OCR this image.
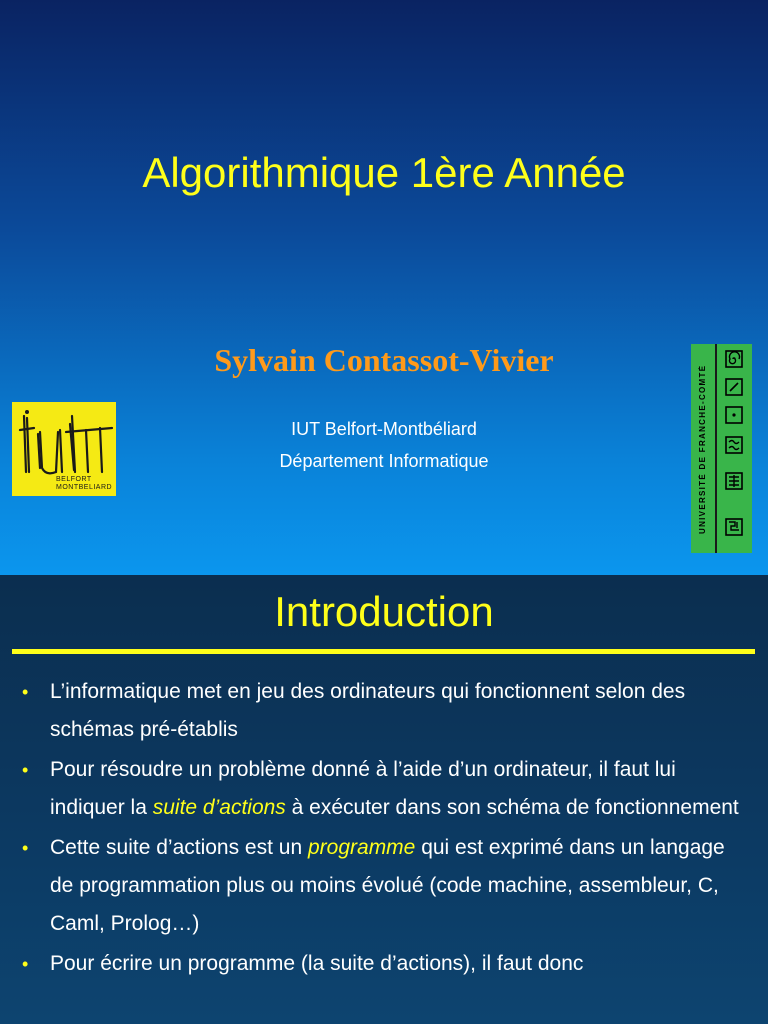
Algorithmique 1ère Année
Sylvain Contassot-Vivier
IUT Belfort-Montbéliard
Département Informatique
BELFORT
MONTBELIARD	UNIVERSITÉ DE FRANCHE-COMTÉ
Introduction
• L’informatique met en jeu des ordinateurs qui fonctionnent selon des schémas pré-établis
• Pour résoudre un problème donné à l’aide d’un ordinateur, il faut lui indiquer la suite d’actions à exécuter dans son schéma de fonctionnement
• Cette suite d’actions est un programme qui est exprimé dans un langage de programmation plus ou moins évolué (code machine, assembleur, C, Caml, Prolog…)
• Pour écrire un programme (la suite d’actions), il faut donc
